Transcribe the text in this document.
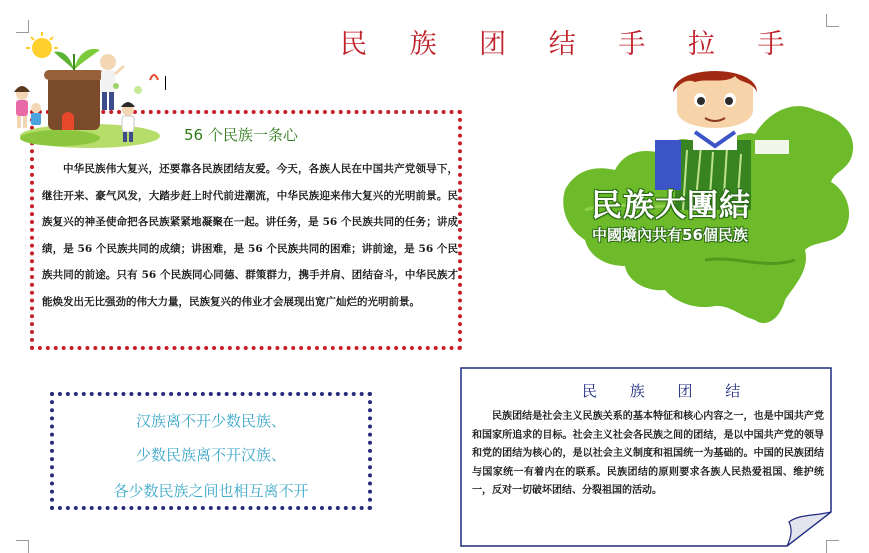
民 族 团 结 手 拉 手
56 个民族一条心

中华民族伟大复兴，还要靠各民族团结友爱。今天，各族人民在中国共产党领导下，继往开来、豪气风发，大踏步赶上时代前进潮流，中华民族迎来伟大复兴的光明前景。民族复兴的神圣使命把各民族紧紧地凝聚在一起。讲任务，是 56 个民族共同的任务；讲成绩，是 56 个民族共同的成绩；讲困难，是 56 个民族共同的困难；讲前途，是 56 个民族共同的前途。只有 56 个民族同心同德、群策群力，携手并肩、团结奋斗，中华民族才能焕发出无比强劲的伟大力量，民族复兴的伟业才会展现出宽广灿烂的光明前景。

民族大團結
中國境內共有56個民族
汉族离不开少数民族、
少数民族离不开汉族、
各少数民族之间也相互离不开
民 族 团 结

民族团结是社会主义民族关系的基本特征和核心内容之一，也是中国共产党和国家所追求的目标。社会主义社会各民族之间的团结，是以中国共产党的领导和党的团结为核心的，是以社会主义制度和祖国统一为基础的。中国的民族团结与国家统一有着内在的联系。民族团结的原则要求各族人民热爱祖国、维护统一，反对一切破坏团结、分裂祖国的活动。
